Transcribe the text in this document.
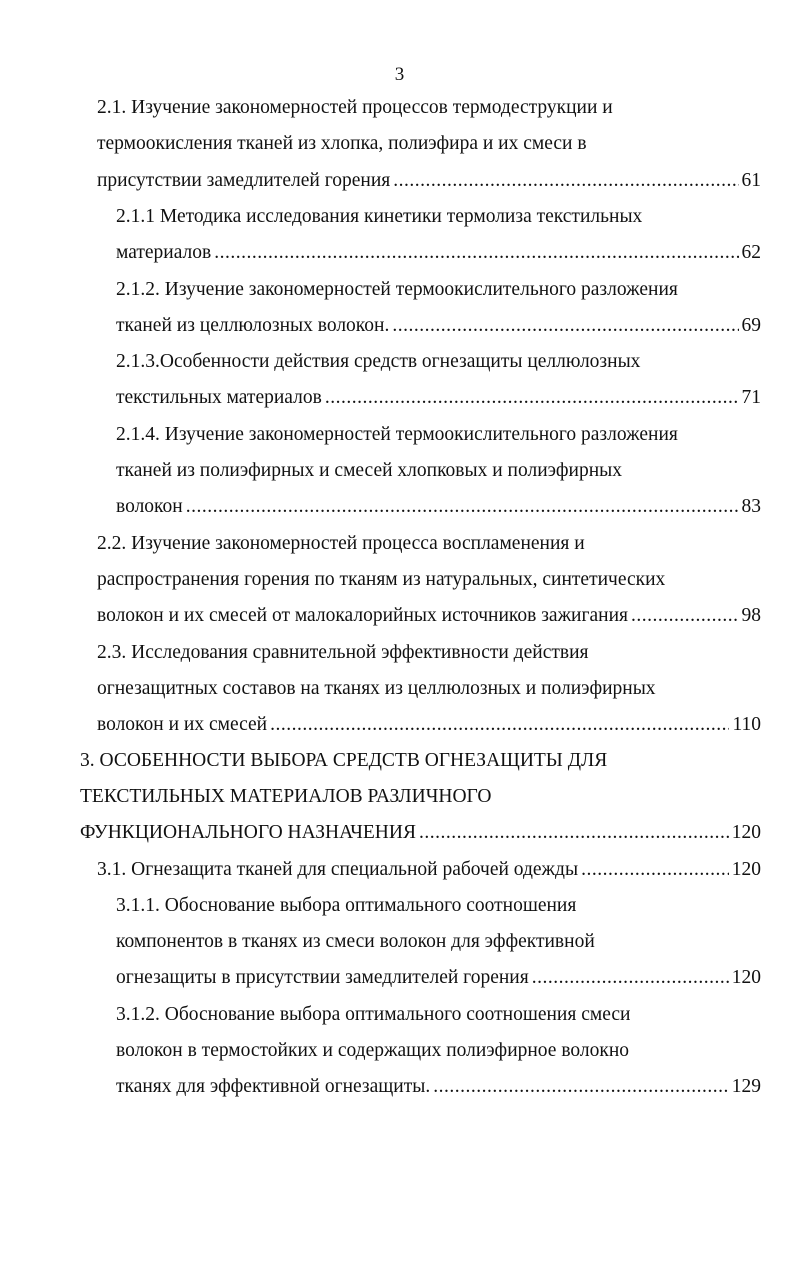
3
2.1. Изучение закономерностей процессов термодеструкции и
термоокисления тканей из хлопка, полиэфира и их смеси в
присутствии замедлителей горения .....	61
2.1.1 Методика исследования кинетики термолиза текстильных
материалов .....	62
2.1.2. Изучение закономерностей термоокислительного разложения
тканей из целлюлозных волокон. .....	69
2.1.3.Особенности действия средств огнезащиты целлюлозных
текстильных материалов .....	71
2.1.4. Изучение закономерностей термоокислительного разложения
тканей из полиэфирных и смесей хлопковых и полиэфирных
волокон .....	83
2.2. Изучение закономерностей процесса воспламенения и
распространения горения по тканям из натуральных, синтетических
волокон и их смесей от малокалорийных источников зажигания .....	98
2.3. Исследования сравнительной эффективности действия
огнезащитных составов на тканях из целлюлозных и полиэфирных
волокон и их смесей .....	110
3. ОСОБЕННОСТИ ВЫБОРА СРЕДСТВ ОГНЕЗАЩИТЫ ДЛЯ
ТЕКСТИЛЬНЫХ МАТЕРИАЛОВ РАЗЛИЧНОГО
ФУНКЦИОНАЛЬНОГО НАЗНАЧЕНИЯ .....	120
3.1. Огнезащита тканей для специальной рабочей одежды .....	120
3.1.1. Обоснование выбора оптимального соотношения
компонентов в тканях из смеси волокон для эффективной
огнезащиты в присутствии замедлителей горения .....	120
3.1.2. Обоснование выбора оптимального соотношения смеси
волокон в термостойких и содержащих полиэфирное волокно
тканях для эффективной огнезащиты. .....	129
